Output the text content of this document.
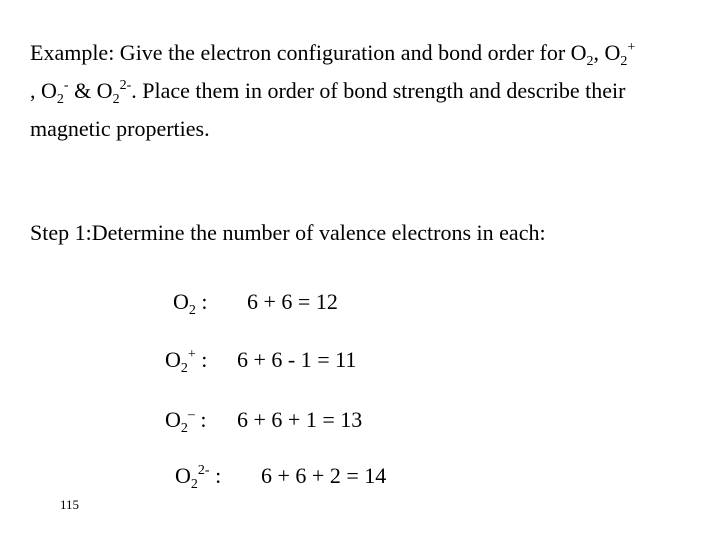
Example: Give the electron configuration and bond order for $O_2$, $O_2^+$
, $O_2^-$ & $O_2^{2-}$. Place them in order of bond strength and describe their
magnetic properties.
Step 1:Determine the number of valence electrons in each:
$O_2$ : 6 + 6 = 12
$O_2^+$ : 6 + 6 - 1 = 11
$O_2^-$ : 6 + 6 + 1 = 13
$O_2^{2-}$ : 6 + 6 + 2 = 14
115
